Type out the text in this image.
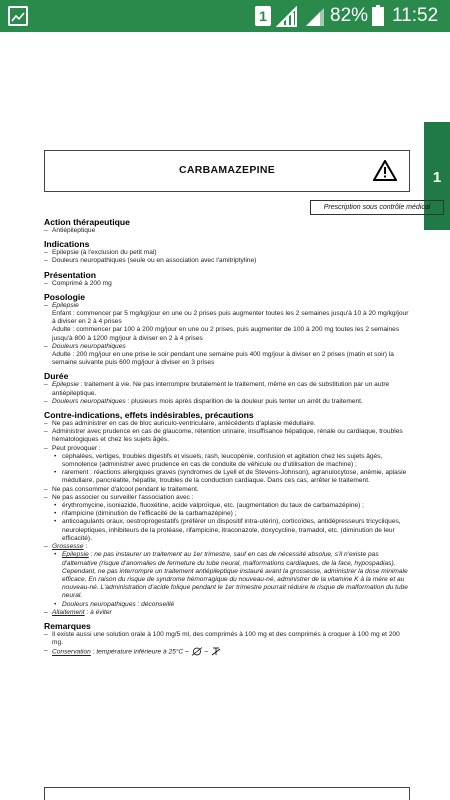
1	82% 11:52
1
CARBAMAZEPINE
Prescription sous contrôle médical
Action thérapeutique
– Antiépileptique
Indications
– Epilepsie (à l'exclusion du petit mal)
– Douleurs neuropathiques (seule ou en association avec l'amitriptyline)
Présentation
– Comprimé à 200 mg
Posologie
– Epilepsie
Enfant : commencer par 5 mg/kg/jour en une ou 2 prises puis augmenter toutes les 2 semaines jusqu'à 10 à 20 mg/kg/jour à diviser en 2 à 4 prises
Adulte : commencer par 100 à 200 mg/jour en une ou 2 prises, puis augmenter de 100 à 200 mg toutes les 2 semaines jusqu'à 800 à 1200 mg/jour à diviser en 2 à 4 prises
– Douleurs neuropathiques
Adulte : 200 mg/jour en une prise le soir pendant une semaine puis 400 mg/jour à diviser en 2 prises (matin et soir) la semaine suivante puis 600 mg/jour à diviser en 3 prises
Durée
– Epilepsie : traitement à vie. Ne pas interrompre brutalement le traitement, même en cas de substitution par un autre antiépileptique.
– Douleurs neuropathiques : plusieurs mois après disparition de la douleur puis tenter un arrêt du traitement.
Contre-indications, effets indésirables, précautions
– Ne pas administrer en cas de bloc auriculo-ventriculaire, antécédents d'aplasie médullaire.
– Administrer avec prudence en cas de glaucome, rétention urinaire, insuffisance hépatique, rénale ou cardiaque, troubles hématologiques et chez les sujets âgés.
– Peut provoquer :
• céphalées, vertiges, troubles digestifs et visuels, rash, leucopénie, confusion et agitation chez les sujets âgés, somnolence (administrer avec prudence en cas de conduite de véhicule ou d'utilisation de machine) ;
• rarement : réactions allergiques graves (syndromes de Lyell et de Stevens-Johnson), agranulocytose, anémie, aplasie médullaire, pancréatite, hépatite, troubles de la conduction cardiaque. Dans ces cas, arrêter le traitement.
– Ne pas consommer d'alcool pendant le traitement.
– Ne pas associer ou surveiller l'association avec :
• érythromycine, isoniazide, fluoxétine, acide valproïque, etc. (augmentation du taux de carbamazépine) ;
• rifampicine (diminution de l'efficacité de la carbamazépine) ;
• anticoagulants oraux, oestroprogestatifs (préférer un dispositif intra-utérin), corticoïdes, antidépresseurs tricycliques, neuroleptiques, inhibiteurs de la protéase, rifampicine, itraconazole, doxycycline, tramadol, etc. (diminution de leur efficacité).
– Grossesse :
• Epilepsie : ne pas instaurer un traitement au 1er trimestre, sauf en cas de nécessité absolue, s'il n'existe pas d'alternative (risque d'anomalies de fermeture du tube neural, malformations cardiaques, de la face, hypospadias). Cependant, ne pas interrompre un traitement antiépileptique instauré avant la grossesse, administrer la dose minimale efficace. En raison du risque de syndrome hémorragique du nouveau-né, administrer de la vitamine K à la mère et au nouveau-né. L'administration d'acide folique pendant le 1er trimestre pourrait réduire le risque de malformation du tube neural.
• Douleurs neuropathiques : déconseillé
– Allaitement : à éviter
Remarques
– Il existe aussi une solution orale à 100 mg/5 ml, des comprimés à 100 mg et des comprimés à croquer à 100 mg et 200 mg.
– Conservation : température inférieure à 25°C – –
